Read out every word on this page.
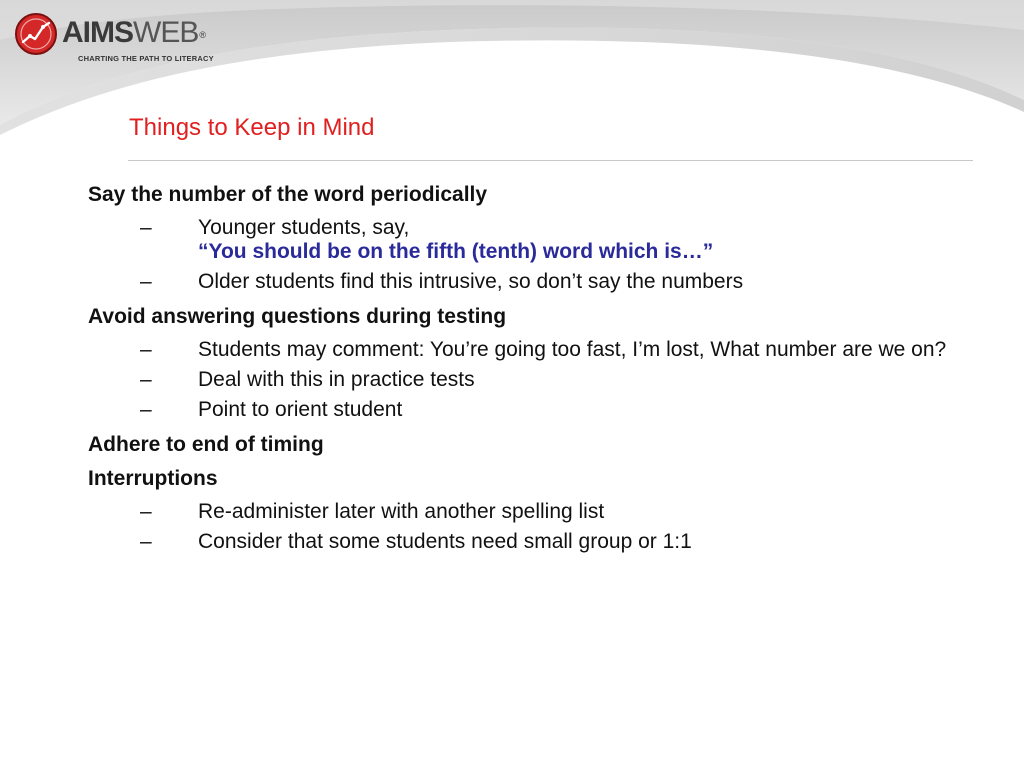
AIMSWEB®
CHARTING THE PATH TO LITERACY
Things to Keep in Mind
Say the number of the word periodically
– Younger students, say,
“You should be on the fifth (tenth) word which is…”
– Older students find this intrusive, so don’t say the numbers
Avoid answering questions during testing
– Students may comment: You’re going too fast, I’m lost, What number are we on?
– Deal with this in practice tests
– Point to orient student
Adhere to end of timing
Interruptions
– Re-administer later with another spelling list
– Consider that some students need small group or 1:1
